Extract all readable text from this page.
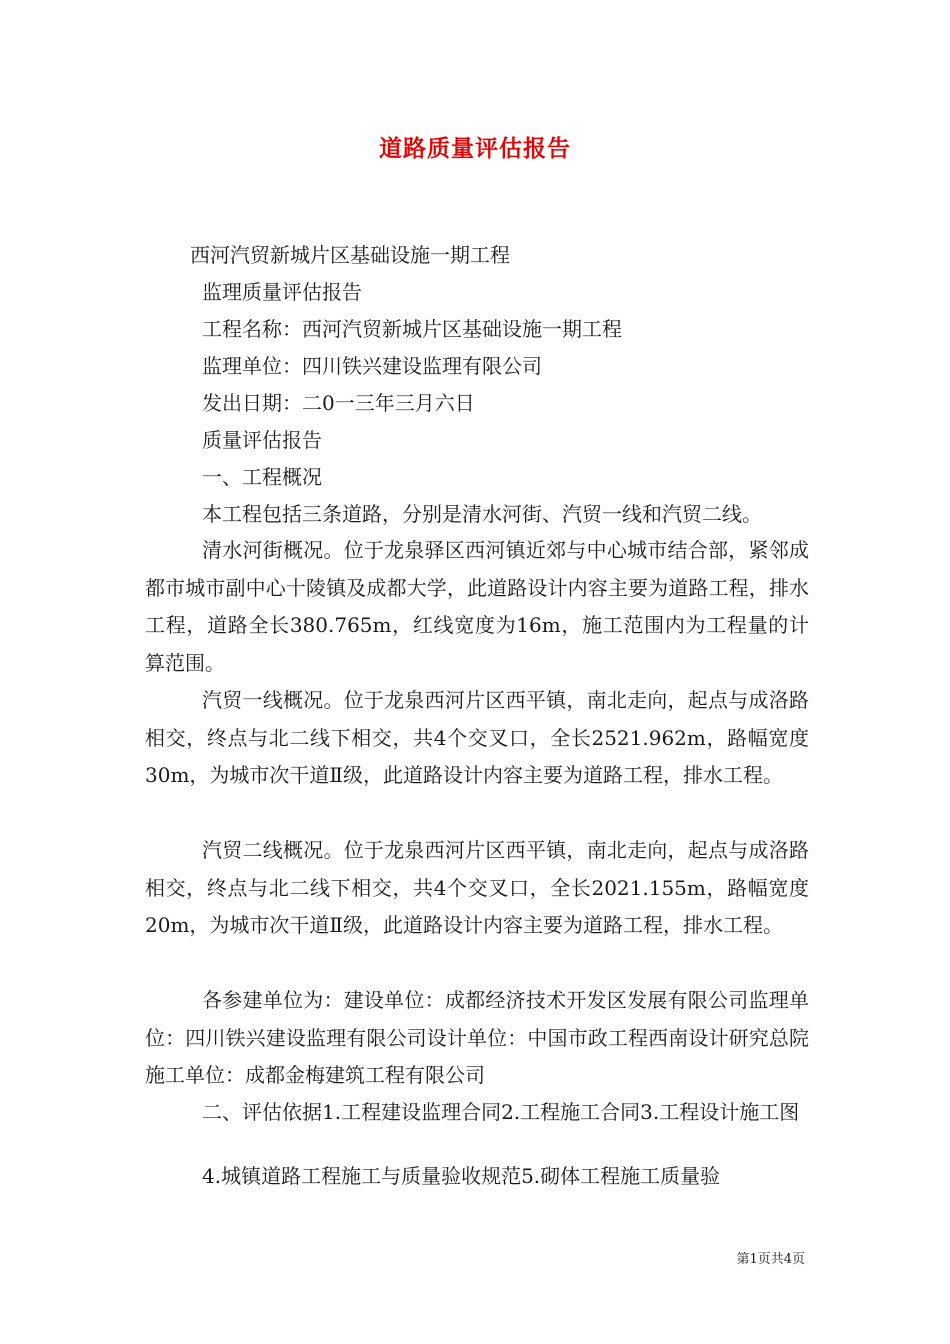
道路质量评估报告

西河汽贸新城片区基础设施一期工程

监理质量评估报告

工程名称：西河汽贸新城片区基础设施一期工程

监理单位：四川铁兴建设监理有限公司

发出日期：二0一三年三月六日

质量评估报告

一、工程概况

本工程包括三条道路，分别是清水河街、汽贸一线和汽贸二线。

清水河街概况。位于龙泉驿区西河镇近郊与中心城市结合部，紧邻成都市城市副中心十陵镇及成都大学，此道路设计内容主要为道路工程，排水工程，道路全长380.765m，红线宽度为16m，施工范围内为工程量的计算范围。

汽贸一线概况。位于龙泉西河片区西平镇，南北走向，起点与成洛路相交，终点与北二线下相交，共4个交叉口，全长2521.962m，路幅宽度30m，为城市次干道Ⅱ级，此道路设计内容主要为道路工程，排水工程。

汽贸二线概况。位于龙泉西河片区西平镇，南北走向，起点与成洛路相交，终点与北二线下相交，共4个交叉口，全长2021.155m，路幅宽度20m，为城市次干道Ⅱ级，此道路设计内容主要为道路工程，排水工程。

各参建单位为：建设单位：成都经济技术开发区发展有限公司监理单位：四川铁兴建设监理有限公司设计单位：中国市政工程西南设计研究总院施工单位：成都金梅建筑工程有限公司

二、评估依据1.工程建设监理合同2.工程施工合同3.工程设计施工图

4.城镇道路工程施工与质量验收规范5.砌体工程施工质量验

第1页共4页
